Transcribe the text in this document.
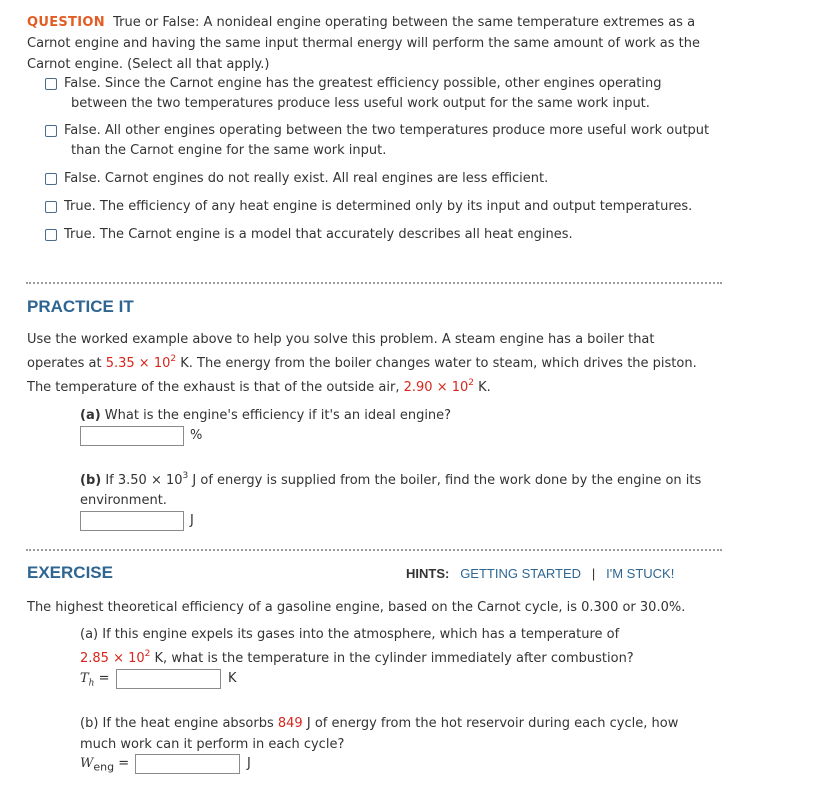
QUESTION True or False: A nonideal engine operating between the same temperature extremes as a
Carnot engine and having the same input thermal energy will perform the same amount of work as the
Carnot engine. (Select all that apply.)
False. Since the Carnot engine has the greatest efficiency possible, other engines operating
between the two temperatures produce less useful work output for the same work input.
False. All other engines operating between the two temperatures produce more useful work output
than the Carnot engine for the same work input.
False. Carnot engines do not really exist. All real engines are less efficient.
True. The efficiency of any heat engine is determined only by its input and output temperatures.
True. The Carnot engine is a model that accurately describes all heat engines.
PRACTICE IT
Use the worked example above to help you solve this problem. A steam engine has a boiler that
operates at $5.35 \times 10^2$ K. The energy from the boiler changes water to steam, which drives the piston.
The temperature of the exhaust is that of the outside air, $2.90 \times 10^2$ K.
(a) What is the engine's efficiency if it's an ideal engine?
%
(b) If $3.50 \times 10^3$ J of energy is supplied from the boiler, find the work done by the engine on its
environment.
J
EXERCISE	HINTS: GETTING STARTED | I'M STUCK!
The highest theoretical efficiency of a gasoline engine, based on the Carnot cycle, is 0.300 or 30.0%.
(a) If this engine expels its gases into the atmosphere, which has a temperature of
$2.85 \times 10^2$ K, what is the temperature in the cylinder immediately after combustion?
$T_h$ =	K
(b) If the heat engine absorbs 849 J of energy from the hot reservoir during each cycle, how
much work can it perform in each cycle?
$W_{eng}$ =	J
